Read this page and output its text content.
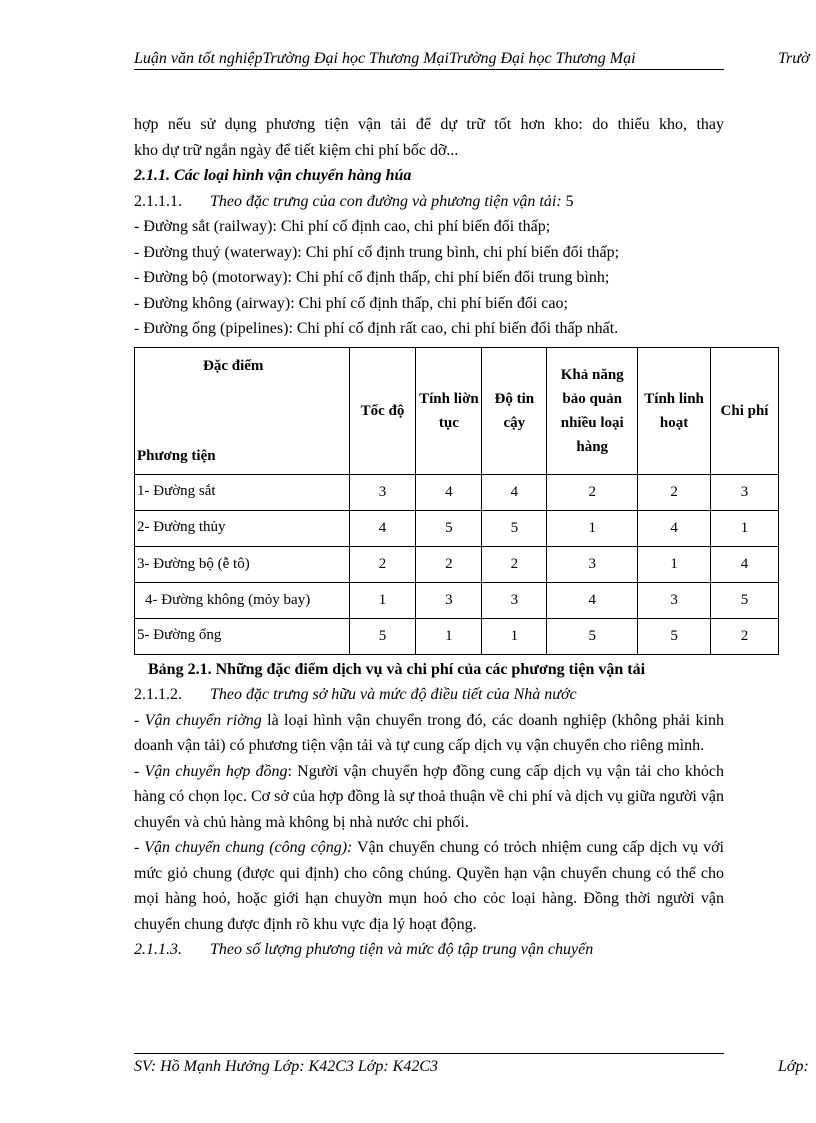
Luận văn tốt nghiệpTrường Đại học Thương MạiTrường Đại học Thương Mại	Trườ

hợp nếu sử dụng phương tiện vận tải để dự trữ tốt hơn kho: do thiếu kho, thay

kho dự trữ ngắn ngày để tiết kiệm chi phí bốc dỡ...

2.1.1. Các loại hình vận chuyển hàng húa

2.1.1.1. Theo đặc trưng của con đường và phương tiện vận tải: 5

- Đường sắt (railway): Chi phí cố định cao, chi phí biến đổi thấp;

- Đường thuỷ (waterway): Chi phí cố định trung bình, chi phí biến đổi thấp;

- Đường bộ (motorway): Chi phí cố định thấp, chi phí biến đổi trung bình;

- Đường không (airway): Chi phí cố định thấp, chi phí biến đổi cao;

- Đường ống (pipelines): Chi phí cố định rất cao, chi phí biến đổi thấp nhất.

Đặc điểm
Phương tiện	Tốc độ	Tính liờn tục	Độ tin cậy	Khả năng bảo quản nhiều loại hàng	Tính linh hoạt	Chi phí
1- Đường sắt	3	4	4	2	2	3
2- Đường thủy	4	5	5	1	4	1
3- Đường bộ (ễ tô)	2	2	2	3	1	4
4- Đường không (mỏy bay)	1	3	3	4	3	5
5- Đường ống	5	1	1	5	5	2

Bảng 2.1. Những đặc điểm dịch vụ và chi phí của các phương tiện vận tải

2.1.1.2. Theo đặc trưng sở hữu và mức độ điều tiết của Nhà nước

- Vận chuyển riờng là loại hình vận chuyển trong đó, các doanh nghiệp (không phải kinh doanh vận tải) có phương tiện vận tải và tự cung cấp dịch vụ vận chuyển cho riêng mình.

- Vận chuyển hợp đồng: Người vận chuyển hợp đồng cung cấp dịch vụ vận tải cho khỏch hàng có chọn lọc. Cơ sở của hợp đồng là sự thoả thuận về chi phí và dịch vụ giữa người vận chuyển và chủ hàng mà không bị nhà nước chi phối.

- Vận chuyển chung (công cộng): Vận chuyển chung có trỏch nhiệm cung cấp dịch vụ với mức giỏ chung (được qui định) cho công chúng. Quyền hạn vận chuyển chung có thể cho mọi hàng hoỏ, hoặc giới hạn chuyờn mụn hoỏ cho cỏc loại hàng. Đồng thời người vận chuyển chung được định rõ khu vực địa lý hoạt động.

2.1.1.3. Theo số lượng phương tiện và mức độ tập trung vận chuyển

SV: Hồ Mạnh Hưởng Lớp: K42C3 Lớp: K42C3	Lớp:
